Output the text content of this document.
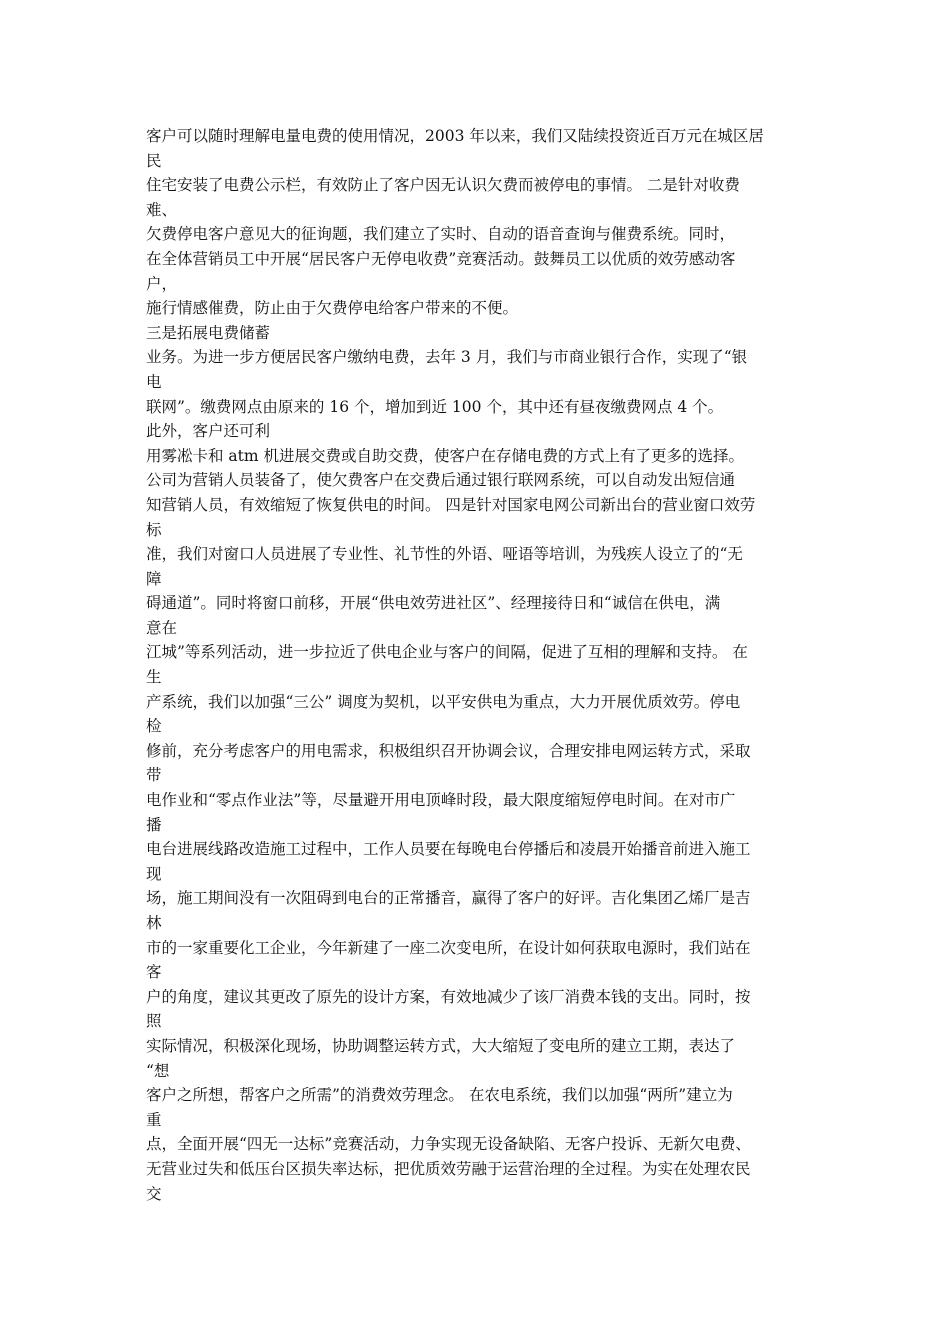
客户可以随时理解电量电费的使用情况，2003 年以来，我们又陆续投资近百万元在城区居
民
住宅安装了电费公示栏，有效防止了客户因无认识欠费而被停电的事情。 二是针对收费
难、
欠费停电客户意见大的征询题，我们建立了实时、自动的语音查询与催费系统。同时，
在全体营销员工中开展“居民客户无停电收费”竞赛活动。鼓舞员工以优质的效劳感动客
户，
施行情感催费，防止由于欠费停电给客户带来的不便。
三是拓展电费储蓄
业务。为进一步方便居民客户缴纳电费，去年 3 月，我们与市商业银行合作，实现了“银
电
联网”。缴费网点由原来的 16 个，增加到近 100 个，其中还有昼夜缴费网点 4 个。
此外，客户还可利
用雾凇卡和 atm 机进展交费或自助交费，使客户在存储电费的方式上有了更多的选择。
公司为营销人员装备了，使欠费客户在交费后通过银行联网系统，可以自动发出短信通
知营销人员，有效缩短了恢复供电的时间。 四是针对国家电网公司新出台的营业窗口效劳
标
准，我们对窗口人员进展了专业性、礼节性的外语、哑语等培训，为残疾人设立了的“无
障
碍通道”。同时将窗口前移，开展“供电效劳进社区”、经理接待日和“诚信在供电，满
意在
江城”等系列活动，进一步拉近了供电企业与客户的间隔，促进了互相的理解和支持。 在
生
产系统，我们以加强“三公” 调度为契机，以平安供电为重点，大力开展优质效劳。停电
检
修前，充分考虑客户的用电需求，积极组织召开协调会议，合理安排电网运转方式，采取
带
电作业和“零点作业法”等，尽量避开用电顶峰时段，最大限度缩短停电时间。在对市广
播
电台进展线路改造施工过程中，工作人员要在每晚电台停播后和凌晨开始播音前进入施工
现
场，施工期间没有一次阻碍到电台的正常播音，赢得了客户的好评。吉化集团乙烯厂是吉
林
市的一家重要化工企业，今年新建了一座二次变电所，在设计如何获取电源时，我们站在
客
户的角度，建议其更改了原先的设计方案，有效地减少了该厂消费本钱的支出。同时，按
照
实际情况，积极深化现场，协助调整运转方式，大大缩短了变电所的建立工期，表达了
“想
客户之所想，帮客户之所需”的消费效劳理念。 在农电系统，我们以加强“两所”建立为
重
点，全面开展“四无一达标”竞赛活动，力争实现无设备缺陷、无客户投诉、无新欠电费、
无营业过失和低压台区损失率达标，把优质效劳融于运营治理的全过程。为实在处理农民
交
